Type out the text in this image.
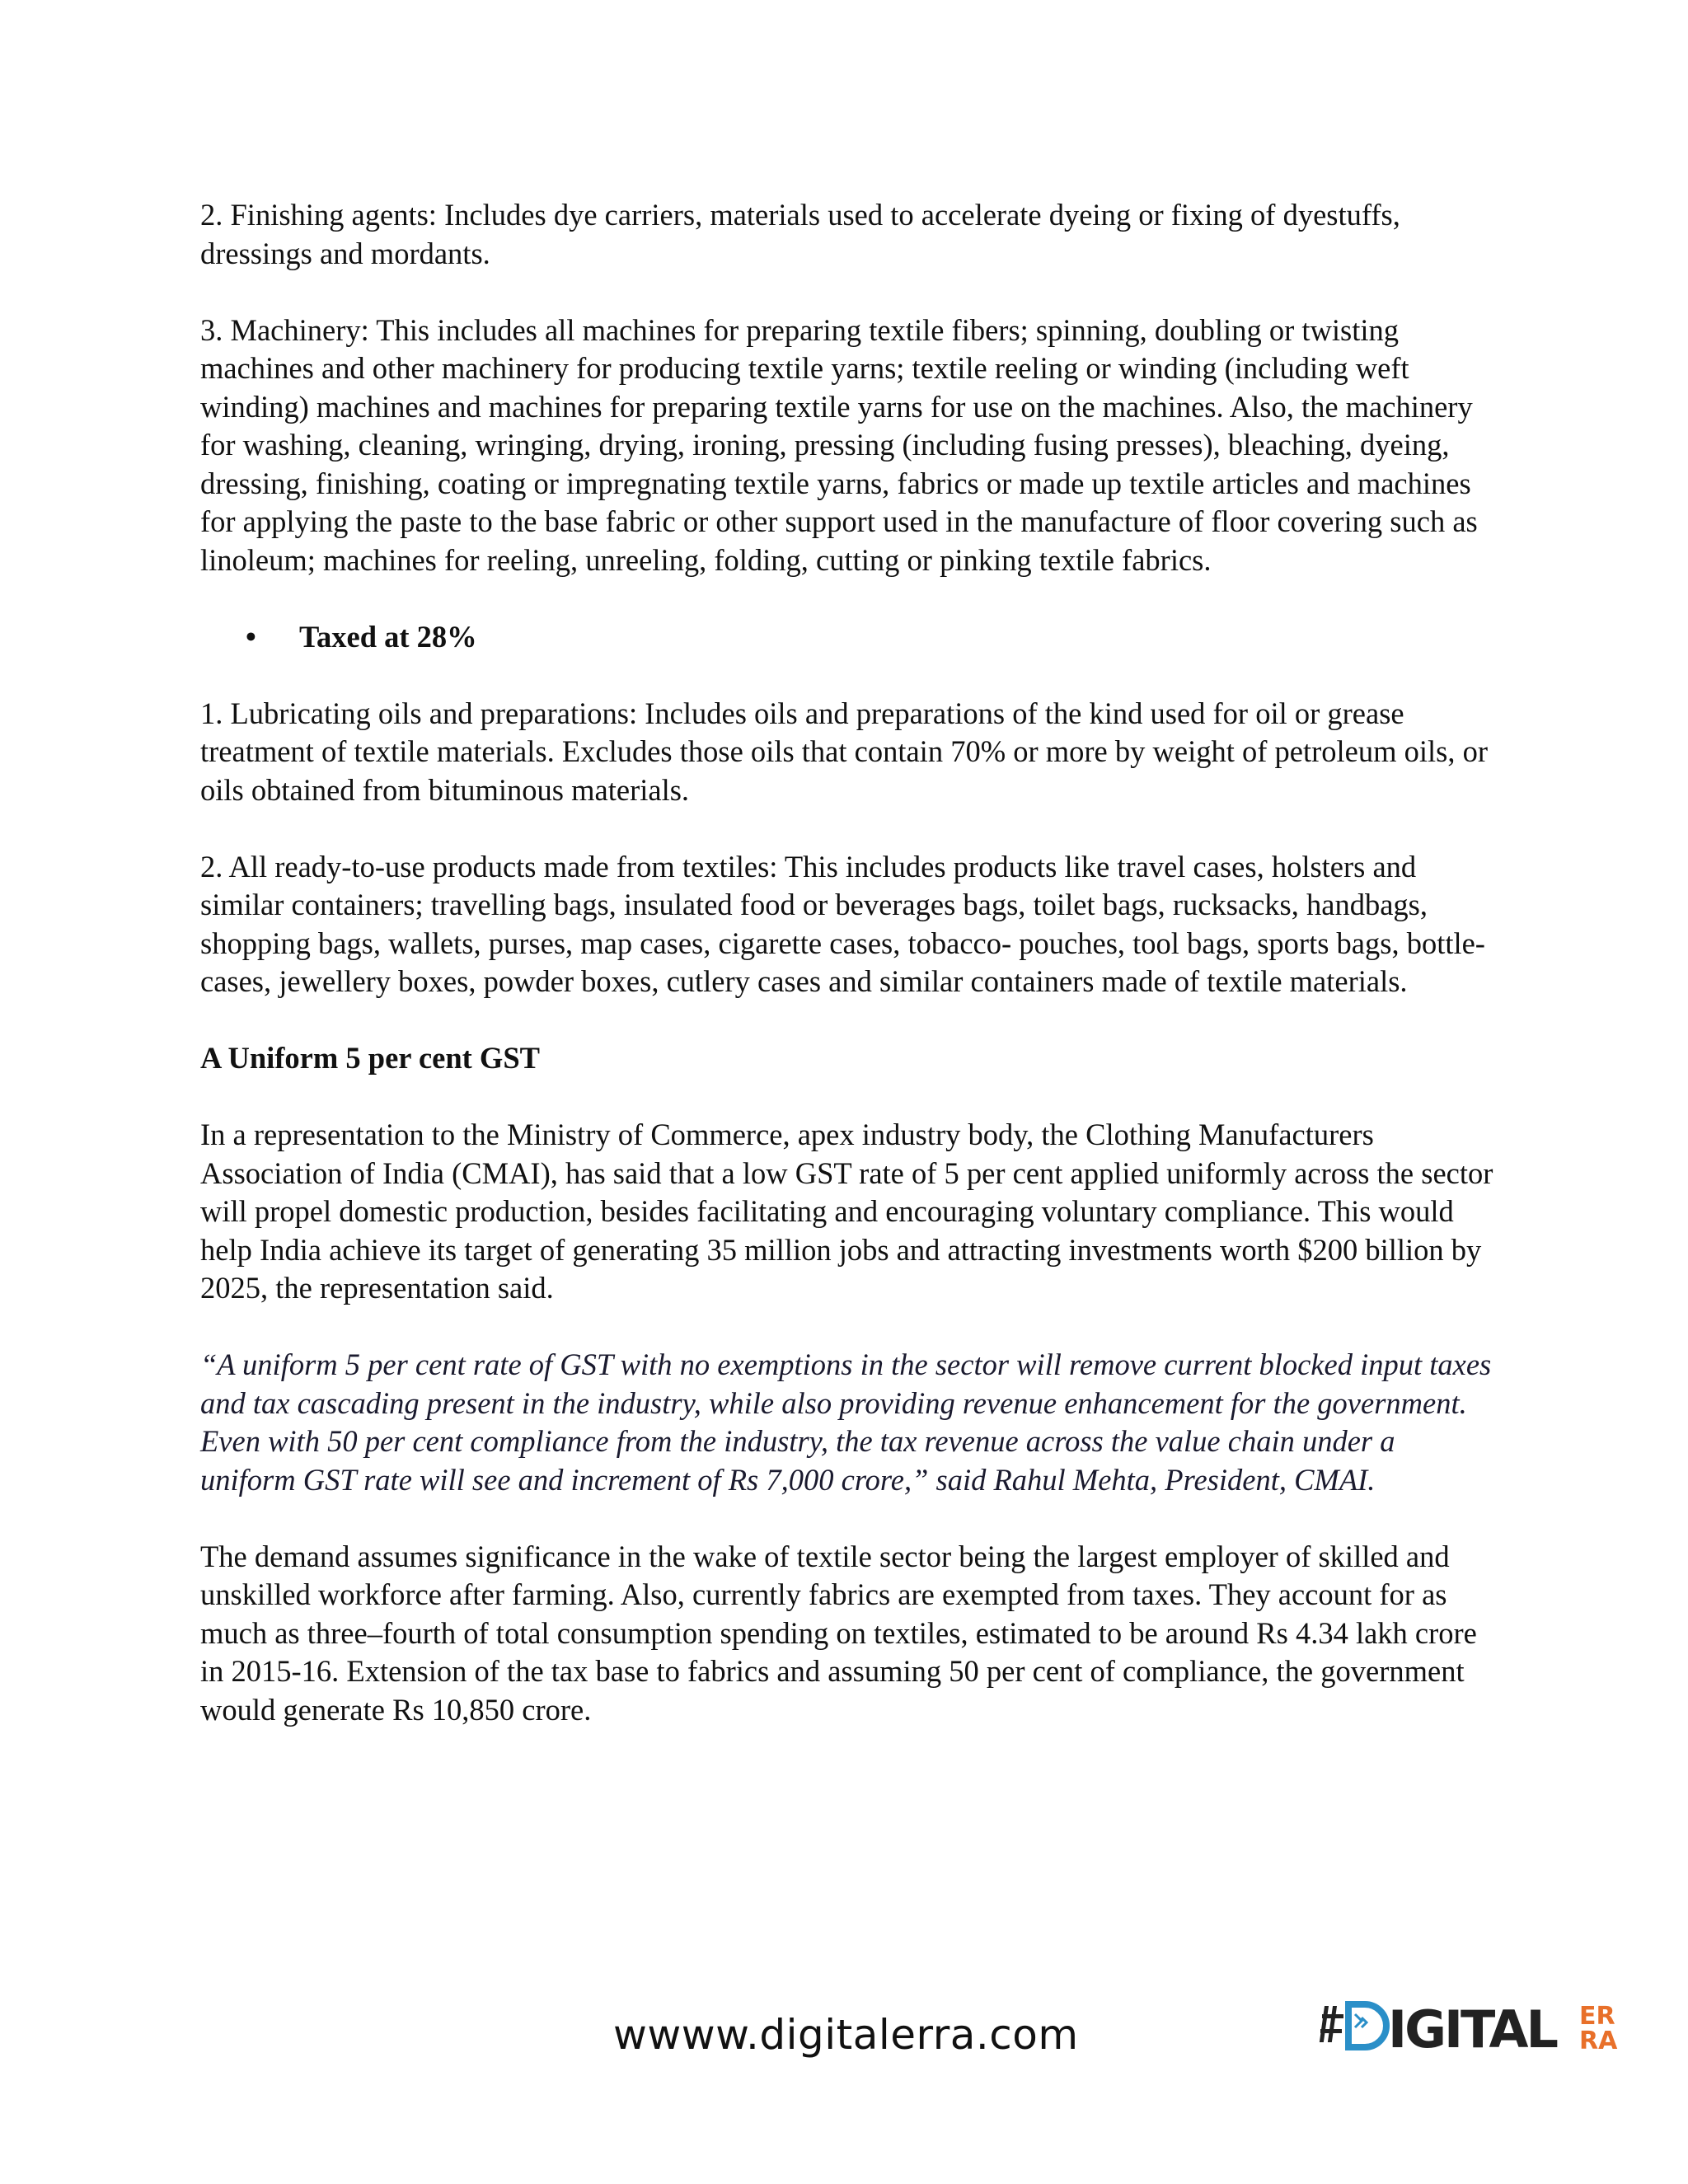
2. Finishing agents: Includes dye carriers, materials used to accelerate dyeing or fixing of dyestuffs, dressings and mordants.

3. Machinery: This includes all machines for preparing textile fibers; spinning, doubling or twisting machines and other machinery for producing textile yarns; textile reeling or winding (including weft winding) machines and machines for preparing textile yarns for use on the machines. Also, the machinery for washing, cleaning, wringing, drying, ironing, pressing (including fusing presses), bleaching, dyeing, dressing, finishing, coating or impregnating textile yarns, fabrics or made up textile articles and machines for applying the paste to the base fabric or other support used in the manufacture of floor covering such as linoleum; machines for reeling, unreeling, folding, cutting or pinking textile fabrics.

•	Taxed at 28%

1. Lubricating oils and preparations: Includes oils and preparations of the kind used for oil or grease treatment of textile materials. Excludes those oils that contain 70% or more by weight of petroleum oils, or oils obtained from bituminous materials.

2. All ready-to-use products made from textiles: This includes products like travel cases, holsters and similar containers; travelling bags, insulated food or beverages bags, toilet bags, rucksacks, handbags, shopping bags, wallets, purses, map cases, cigarette cases, tobacco- pouches, tool bags, sports bags, bottle- cases, jewellery boxes, powder boxes, cutlery cases and similar containers made of textile materials.

A Uniform 5 per cent GST

In a representation to the Ministry of Commerce, apex industry body, the Clothing Manufacturers Association of India (CMAI), has said that a low GST rate of 5 per cent applied uniformly across the sector will propel domestic production, besides facilitating and encouraging voluntary compliance. This would help India achieve its target of generating 35 million jobs and attracting investments worth $200 billion by 2025, the representation said.

“A uniform 5 per cent rate of GST with no exemptions in the sector will remove current blocked input taxes and tax cascading present in the industry, while also providing revenue enhancement for the government. Even with 50 per cent compliance from the industry, the tax revenue across the value chain under a uniform GST rate will see and increment of Rs 7,000 crore,” said Rahul Mehta, President, CMAI.

The demand assumes significance in the wake of textile sector being the largest employer of skilled and unskilled workforce after farming. Also, currently fabrics are exempted from taxes. They account for as much as three–fourth of total consumption spending on textiles, estimated to be around Rs 4.34 lakh crore in 2015-16. Extension of the tax base to fabrics and assuming 50 per cent of compliance, the government would generate Rs 10,850 crore.

wwww.digitalerra.com	IGITAL ER
RA
